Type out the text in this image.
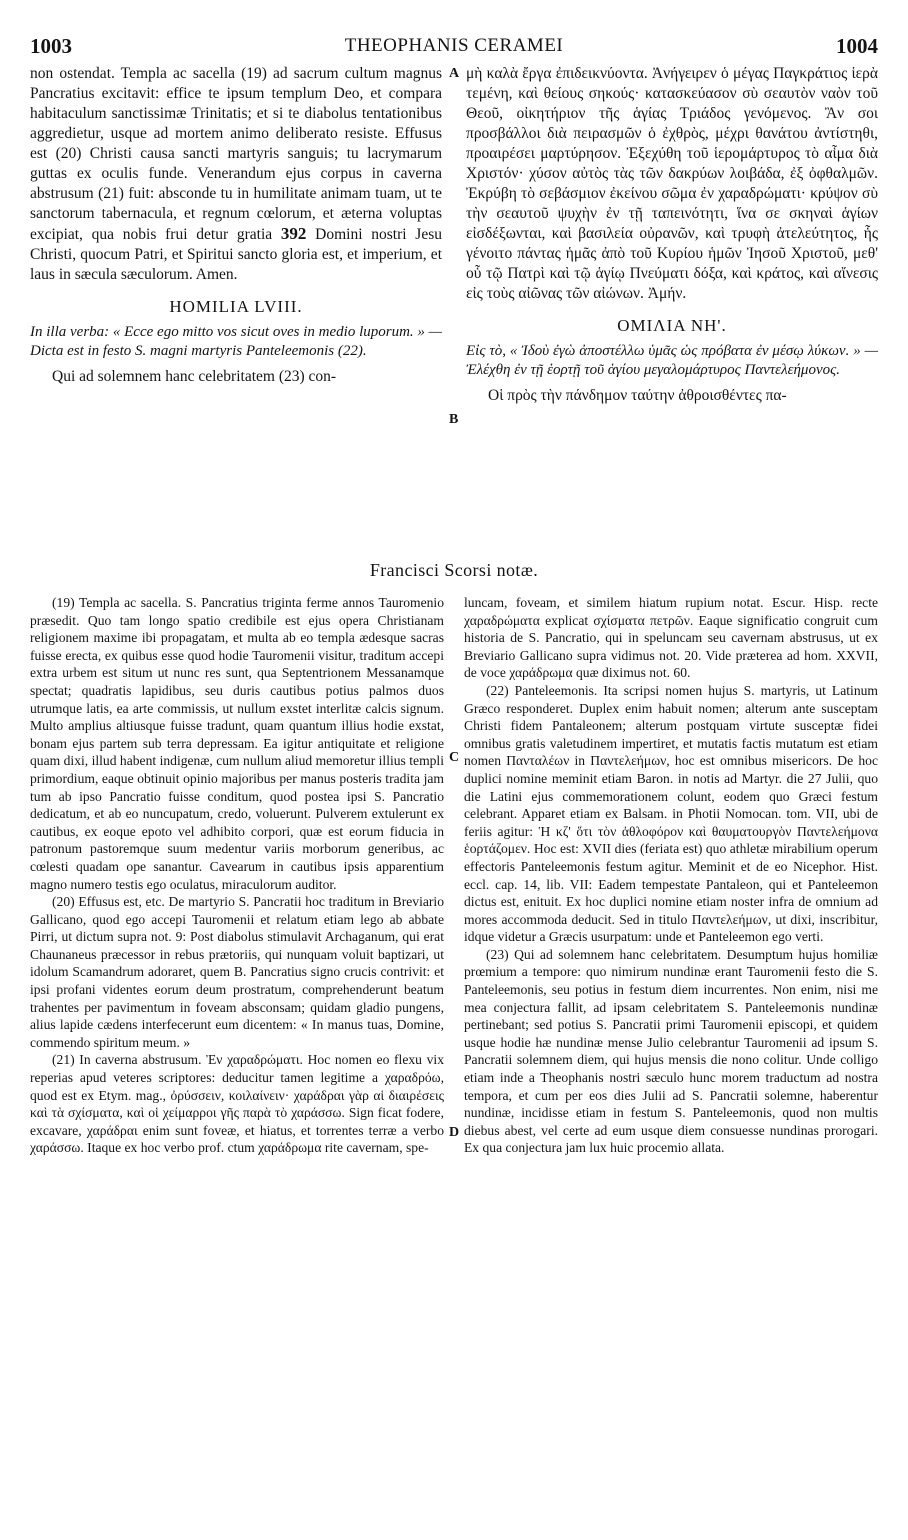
1003	THEOPHANIS CERAMEI	1004

non ostendat. Templa ac sacella (19) ad sacrum cultum magnus Pancratius excitavit: effice te ipsum templum Deo, et compara habitaculum sanctissimæ Trinitatis; et si te diabolus tentationibus aggredietur, usque ad mortem animo deliberato resiste. Effusus est (20) Christi causa sancti martyris sanguis; tu lacrymarum guttas ex oculis funde. Venerandum ejus corpus in caverna abstrusum (21) fuit: absconde tu in humilitate animam tuam, ut te sanctorum tabernacula, et regnum cœlorum, et æterna voluptas excipiat, qua nobis frui detur gratia 392 Domini nostri Jesu Christi, quocum Patri, et Spiritui sancto gloria est, et imperium, et laus in sæcula sæculorum. Amen.

HOMILIA LVIII.

In illa verba: « Ecce ego mitto vos sicut oves in medio luporum. » — Dicta est in festo S. magni martyris Panteleemonis (22).

Qui ad solemnem hanc celebritatem (23) con-

μὴ καλὰ ἔργα ἐπιδεικνύοντα. Ἀνήγειρεν ὁ μέγας Παγκράτιος ἱερὰ τεμένη, καὶ θείους σηκούς· κατασκεύασον σὺ σεαυτὸν ναὸν τοῦ Θεοῦ, οἰκητήριον τῆς ἁγίας Τριάδος γενόμενος. Ἂν σοι προσβάλλοι διὰ πειρασμῶν ὁ ἐχθρὸς, μέχρι θανάτου ἀντίστηθι, προαιρέσει μαρτύρησον. Ἐξεχύθη τοῦ ἱερομάρτυρος τὸ αἷμα διὰ Χριστόν· χύσον αὐτὸς τὰς τῶν δακρύων λοιβάδα, ἐξ ὀφθαλμῶν. Ἐκρύβη τὸ σεβάσμιον ἐκείνου σῶμα ἐν χαραδρώματι· κρύψον σὺ τὴν σεαυτοῦ ψυχὴν ἐν τῇ ταπεινότητι, ἵνα σε σκηναὶ ἁγίων εἰσδέξωνται, καὶ βασιλεία οὐρανῶν, καὶ τρυφὴ ἀτελεύτητος, ἧς γένοιτο πάντας ἡμᾶς ἀπὸ τοῦ Κυρίου ἡμῶν Ἰησοῦ Χριστοῦ, μεθ' οὗ τῷ Πατρὶ καὶ τῷ ἁγίῳ Πνεύματι δόξα, καὶ κράτος, καὶ αἴνεσις εἰς τοὺς αἰῶνας τῶν αἰώνων. Ἀμήν.

ΟΜΙΛΙΑ ΝΗ'.

Εἰς τὸ, « Ἰδοὺ ἐγὼ ἀποστέλλω ὑμᾶς ὡς πρόβατα ἐν μέσῳ λύκων. » — Ἐλέχθη ἐν τῇ ἑορτῇ τοῦ ἁγίου μεγαλομάρτυρος Παντελεήμονος.

Οἱ πρὸς τὴν πάνδημον ταύτην ἀθροισθέντες πα-

A
B
C
D
Francisci Scorsi notæ.

(19) Templa ac sacella. S. Pancratius triginta ferme annos Tauromenio præsedit. Quo tam longo spatio credibile est ejus opera Christianam religionem maxime ibi propagatam, et multa ab eo templa ædesque sacras fuisse erecta, ex quibus esse quod hodie Tauromenii visitur, traditum accepi extra urbem est situm ut nunc res sunt, qua Septentrionem Messanamque spectat; quadratis lapidibus, seu duris cautibus potius palmos duos utrumque latis, ea arte commissis, ut nullum exstet interlitæ calcis signum. Multo amplius altiusque fuisse tradunt, quam quantum illius hodie exstat, bonam ejus partem sub terra depressam. Ea igitur antiquitate et religione quam dixi, illud habent indigenæ, cum nullum aliud memoretur illius templi primordium, eaque obtinuit opinio majoribus per manus posteris tradita jam tum ab ipso Pancratio fuisse conditum, quod postea ipsi S. Pancratio dedicatum, et ab eo nuncupatum, credo, voluerunt. Pulverem extulerunt ex cautibus, ex eoque epoto vel adhibito corpori, quæ est eorum fiducia in patronum pastoremque suum medentur variis morborum generibus, ac cœlesti quadam ope sanantur. Cavearum in cautibus ipsis apparentium magno numero testis ego oculatus, miraculorum auditor.

(20) Effusus est, etc. De martyrio S. Pancratii hoc traditum in Breviario Gallicano, quod ego accepi Tauromenii et relatum etiam lego ab abbate Pirri, ut dictum supra not. 9: Post diabolus stimulavit Archaganum, qui erat Chaunaneus præcessor in rebus prætoriis, qui nunquam voluit baptizari, ut idolum Scamandrum adoraret, quem B. Pancratius signo crucis contrivit: et ipsi profani videntes eorum deum prostratum, comprehenderunt beatum trahentes per pavimentum in foveam absconsam; quidam gladio pungens, alius lapide cædens interfecerunt eum dicentem: « In manus tuas, Domine, commendo spiritum meum. »

(21) In caverna abstrusum. Ἐν χαραδρώματι. Hoc nomen eo flexu vix reperias apud veteres scriptores: deducitur tamen legitime a χαραδρόω, quod est ex Etym. mag., ὀρύσσειν, κοιλαίνειν· χαράδραι γὰρ αἱ διαιρέσεις καὶ τὰ σχίσματα, καὶ οἱ χείμαρροι γῆς παρὰ τὸ χαράσσω. Sign ficat fodere, excavare, χαράδραι enim sunt foveæ, et hiatus, et torrentes terræ a verbo χαράσσω. Itaque ex hoc verbo prof. ctum χαράδρωμα rite cavernam, spe-

luncam, foveam, et similem hiatum rupium notat. Escur. Hisp. recte χαραδρώματα explicat σχίσματα πετρῶν. Eaque significatio congruit cum historia de S. Pancratio, qui in speluncam seu cavernam abstrusus, ut ex Breviario Gallicano supra vidimus not. 20. Vide præterea ad hom. XXVII, de voce χαράδρωμα quæ diximus not. 60.

(22) Panteleemonis. Ita scripsi nomen hujus S. martyris, ut Latinum Græco responderet. Duplex enim habuit nomen; alterum ante susceptam Christi fidem Pantaleonem; alterum postquam virtute susceptæ fidei omnibus gratis valetudinem impertiret, et mutatis factis mutatum est etiam nomen Πανταλέων in Παντελεήμων, hoc est omnibus misericors. De hoc duplici nomine meminit etiam Baron. in notis ad Martyr. die 27 Julii, quo die Latini ejus commemorationem colunt, eodem quo Græci festum celebrant. Apparet etiam ex Balsam. in Photii Nomocan. tom. VII, ubi de feriis agitur: Ἡ κζ' ὅτι τὸν ἀθλοφόρον καὶ θαυματουργὸν Παντελεήμονα ἑορτάζομεν. Hoc est: XVII dies (feriata est) quo athletæ mirabilium operum effectoris Panteleemonis festum agitur. Meminit et de eo Nicephor. Hist. eccl. cap. 14, lib. VII: Eadem tempestate Pantaleon, qui et Panteleemon dictus est, enituit. Ex hoc duplici nomine etiam noster infra de omnium ad mores accommoda deducit. Sed in titulo Παντελεήμων, ut dixi, inscribitur, idque videtur a Græcis usurpatum: unde et Panteleemon ego verti.

(23) Qui ad solemnem hanc celebritatem. Desumptum hujus homiliæ prœmium a tempore: quo nimirum nundinæ erant Tauromenii festo die S. Panteleemonis, seu potius in festum diem incurrentes. Non enim, nisi me mea conjectura fallit, ad ipsam celebritatem S. Panteleemonis nundinæ pertinebant; sed potius S. Pancratii primi Tauromenii episcopi, et quidem usque hodie hæ nundinæ mense Julio celebrantur Tauromenii ad ipsum S. Pancratii solemnem diem, qui hujus mensis die nono colitur. Unde colligo etiam inde a Theophanis nostri sæculo hunc morem traductum ad nostra tempora, et cum per eos dies Julii ad S. Pancratii solemne, haberentur nundinæ, incidisse etiam in festum S. Panteleemonis, quod non multis diebus abest, vel certe ad eum usque diem consuesse nundinas prorogari. Ex qua conjectura jam lux huic procemio allata.
